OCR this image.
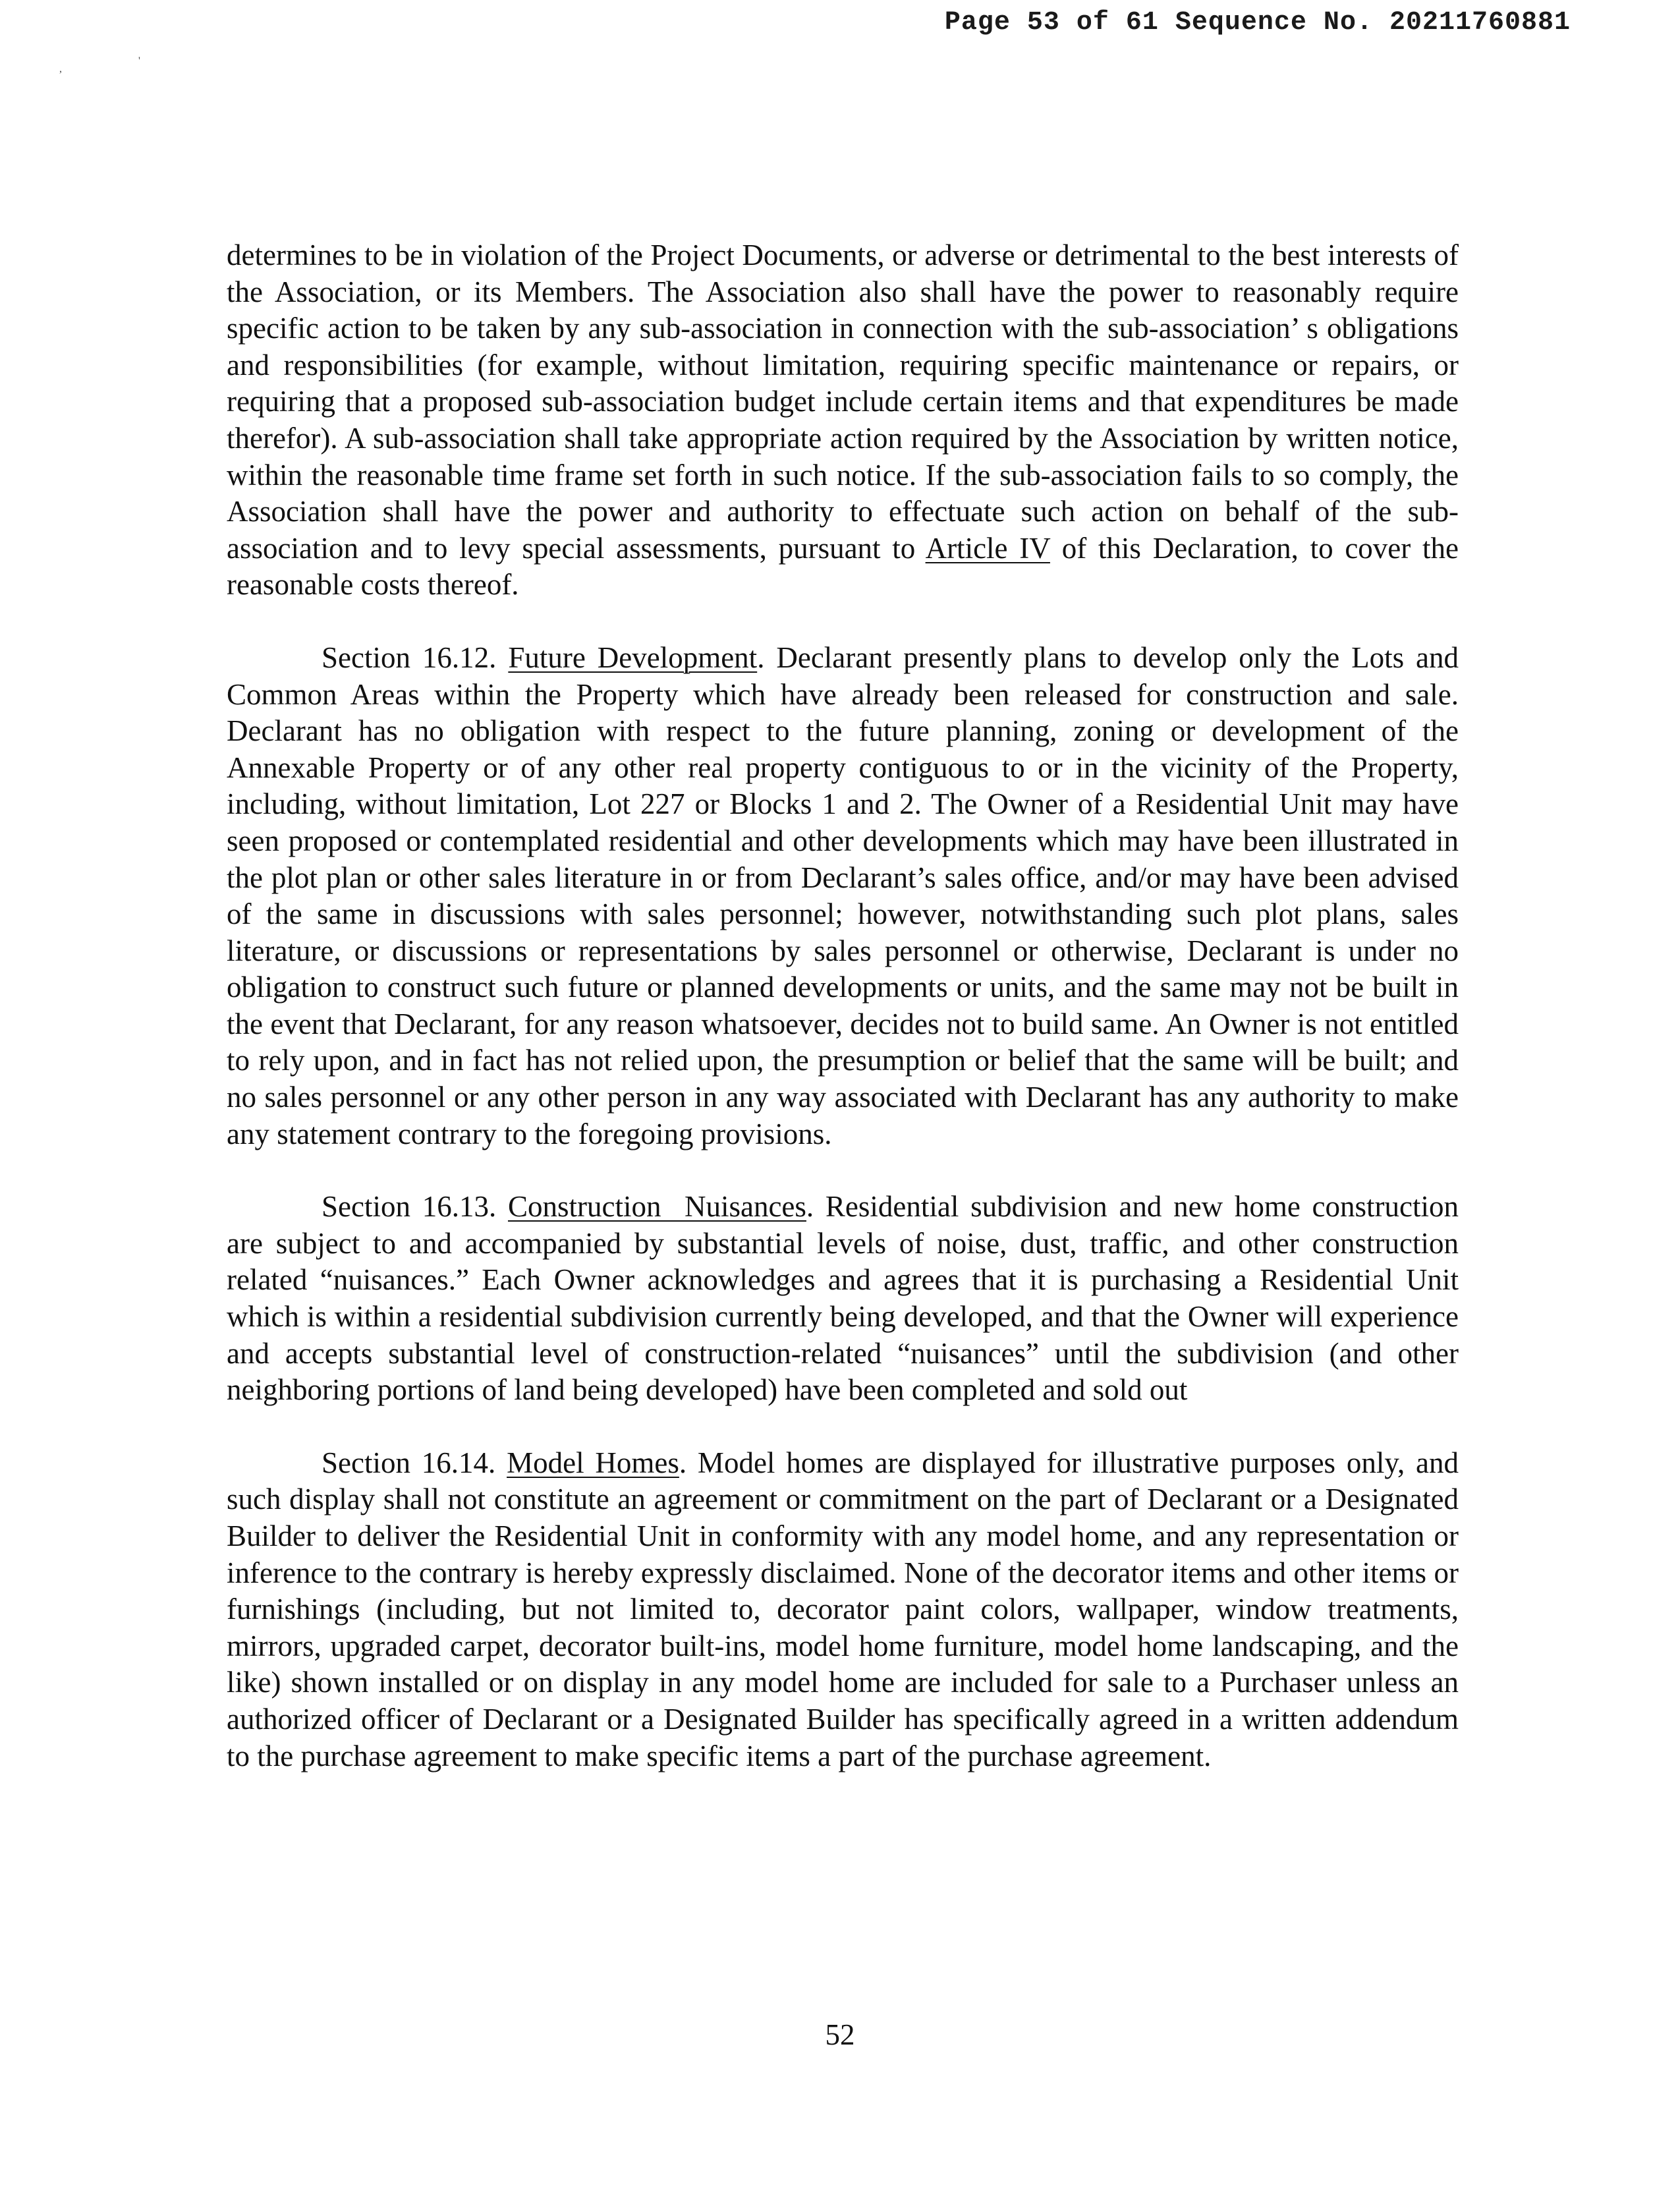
Page 53 of 61 Sequence No. 20211760881
,
'

determines to be in violation of the Project Documents, or adverse or detrimental to the best interests of the Association, or its Members. The Association also shall have the power to reasonably require specific action to be taken by any sub-association in connection with the sub-association’ s obligations and responsibilities (for example, without limitation, requiring specific maintenance or repairs, or requiring that a proposed sub-association budget include certain items and that expenditures be made therefor). A sub-association shall take appropriate action required by the Association by written notice, within the reasonable time frame set forth in such notice. If the sub-association fails to so comply, the Association shall have the power and authority to effectuate such action on behalf of the sub-association and to levy special assessments, pursuant to Article IV of this Declaration, to cover the reasonable costs thereof.

Section 16.12. Future Development. Declarant presently plans to develop only the Lots and Common Areas within the Property which have already been released for construction and sale. Declarant has no obligation with respect to the future planning, zoning or development of the Annexable Property or of any other real property contiguous to or in the vicinity of the Property, including, without limitation, Lot 227 or Blocks 1 and 2. The Owner of a Residential Unit may have seen proposed or contemplated residential and other developments which may have been illustrated in the plot plan or other sales literature in or from Declarant’s sales office, and/or may have been advised of the same in discussions with sales personnel; however, notwithstanding such plot plans, sales literature, or discussions or representations by sales personnel or otherwise, Declarant is under no obligation to construct such future or planned developments or units, and the same may not be built in the event that Declarant, for any reason whatsoever, decides not to build same. An Owner is not entitled to rely upon, and in fact has not relied upon, the presumption or belief that the same will be built; and no sales personnel or any other person in any way associated with Declarant has any authority to make any statement contrary to the foregoing provisions.

Section 16.13. Construction  Nuisances. Residential subdivision and new home construction are subject to and accompanied by substantial levels of noise, dust, traffic, and other construction related “nuisances.” Each Owner acknowledges and agrees that it is purchasing a Residential Unit which is within a residential subdivision currently being developed, and that the Owner will experience and accepts substantial level of construction-related “nuisances” until the subdivision (and other neighboring portions of land being developed) have been completed and sold out

Section 16.14. Model Homes. Model homes are displayed for illustrative purposes only, and such display shall not constitute an agreement or commitment on the part of Declarant or a Designated Builder to deliver the Residential Unit in conformity with any model home, and any representation or inference to the contrary is hereby expressly disclaimed. None of the decorator items and other items or furnishings (including, but not limited to, decorator paint colors, wallpaper, window treatments, mirrors, upgraded carpet, decorator built-ins, model home furniture, model home landscaping, and the like) shown installed or on display in any model home are included for sale to a Purchaser unless an authorized officer of Declarant or a Designated Builder has specifically agreed in a written addendum to the purchase agreement to make specific items a part of the purchase agreement.

52
